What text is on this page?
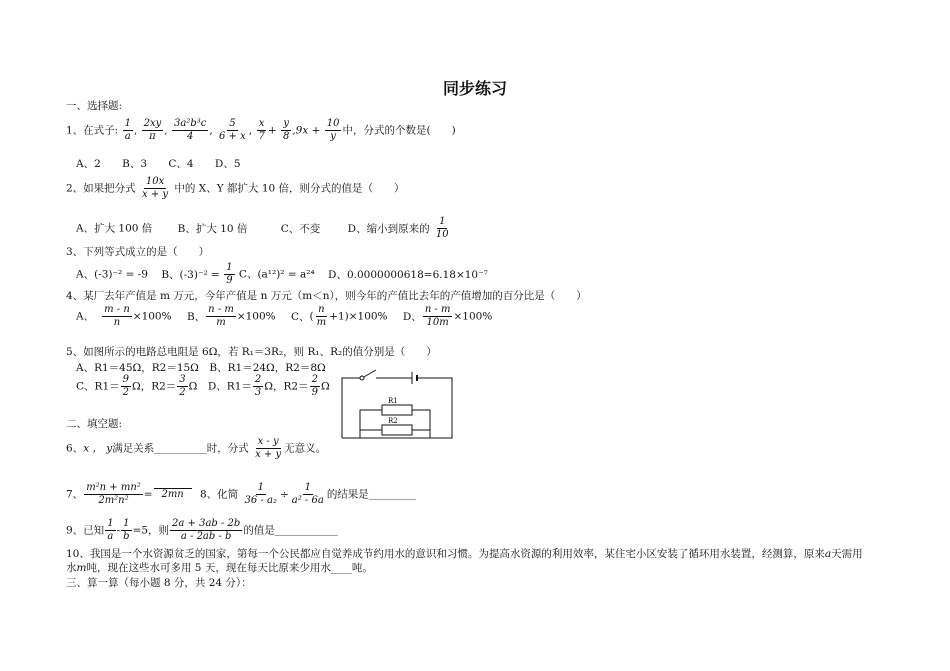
同步练习
一、选择题:
1、在式子: $\frac{1}{a}$ , $\frac{2xy}{\pi}$ , $\frac{\text{3a²b³c}}{4}$ , $\frac{5}{6 + x}$ , $\frac{x}{7} + \frac{y}{8} ,9x + \frac{10}{y}$ 中，分式的个数是(　　)
A、2 B、3 C、4 D、5
2、如果把分式 $\frac{10x}{x + y}$ 中的 X、Y 都扩大 10 倍，则分式的值是（　　）
A、扩大 100 倍 B、扩大 10 倍	C、不变	D、缩小到原来的 $\frac{1}{10}$
3、下列等式成立的是（　　）
A、(-3)⁻² = -9 B、$(-3)^{-2} = \frac{1}{9}$ C、(a¹²)² = a²⁴ D、0.0000000618=6.18×10⁻⁷
4、某厂去年产值是 m 万元，今年产值是 n 万元（m＜n），则今年的产值比去年的产值增加的百分比是（　　）
A、 $\frac{m - n}{n} \times 100\%$ B、 $\frac{n - m}{m} \times 100\%$ C、( $\frac{n}{m} +1)\times 100\%$ D、 $\frac{n - m}{10m} \times 100\%$
5、如图所示的电路总电阻是 6Ω，若 R₁＝3R₂，则 R₁、R₂的值分别是（　　）
A、R1＝45Ω，R2＝15Ω　B、R1＝24Ω，R2＝8Ω
C、$R1= \frac{9}{2}$ Ω，$R2= \frac{3}{2}$ Ω　D、$R1= \frac{2}{3}$ Ω，$R2= \frac{2}{9}$ Ω
R1
R2
二、填空题:
6、x ， y满足关系__________时，分式 $\frac{x - y}{x + y}$ 无意义。
7、 $\frac{\text{m²n + mn²}}{\text{2m²n²}} = 2mn$ 8、化简 $\frac{1}{\text{36 - a₂}} \div \frac{1}{\text{a² - 6a}}$ 的结果是_________
9、已知 $\frac{1}{a} - \frac{1}{b} =5$，则 $\frac{2a + 3ab - 2b}{a - 2ab - b}$ 的值是____________
10、我国是一个水资源贫乏的国家，第每一个公民都应自觉养成节约用水的意识和习惯。为提高水资源的利用效率，某住宅小区安装了循环用水装置，经测算，原来a天需用
水m吨，现在这些水可多用 5 天，现在每天比原来少用水____吨。
三、算一算（每小题 8 分，共 24 分）：
